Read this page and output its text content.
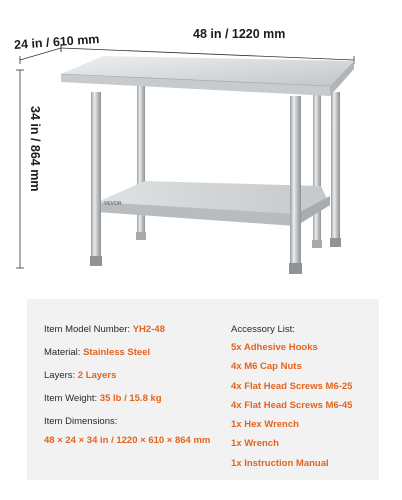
24 in / 610 mm	48 in / 1220 mm
34 in / 864 mm
VEVOR
Item Model Number: YH2-48
Material: Stainless Steel
Layers: 2 Layers
Item Weight: 35 lb / 15.8 kg
Item Dimensions:
48 × 24 × 34 in / 1220 × 610 × 864 mm
Accessory List:
5x Adhesive Hooks
4x M6 Cap Nuts
4x Flat Head Screws M6-25
4x Flat Head Screws M6-45
1x Hex Wrench
1x Wrench
1x Instruction Manual
